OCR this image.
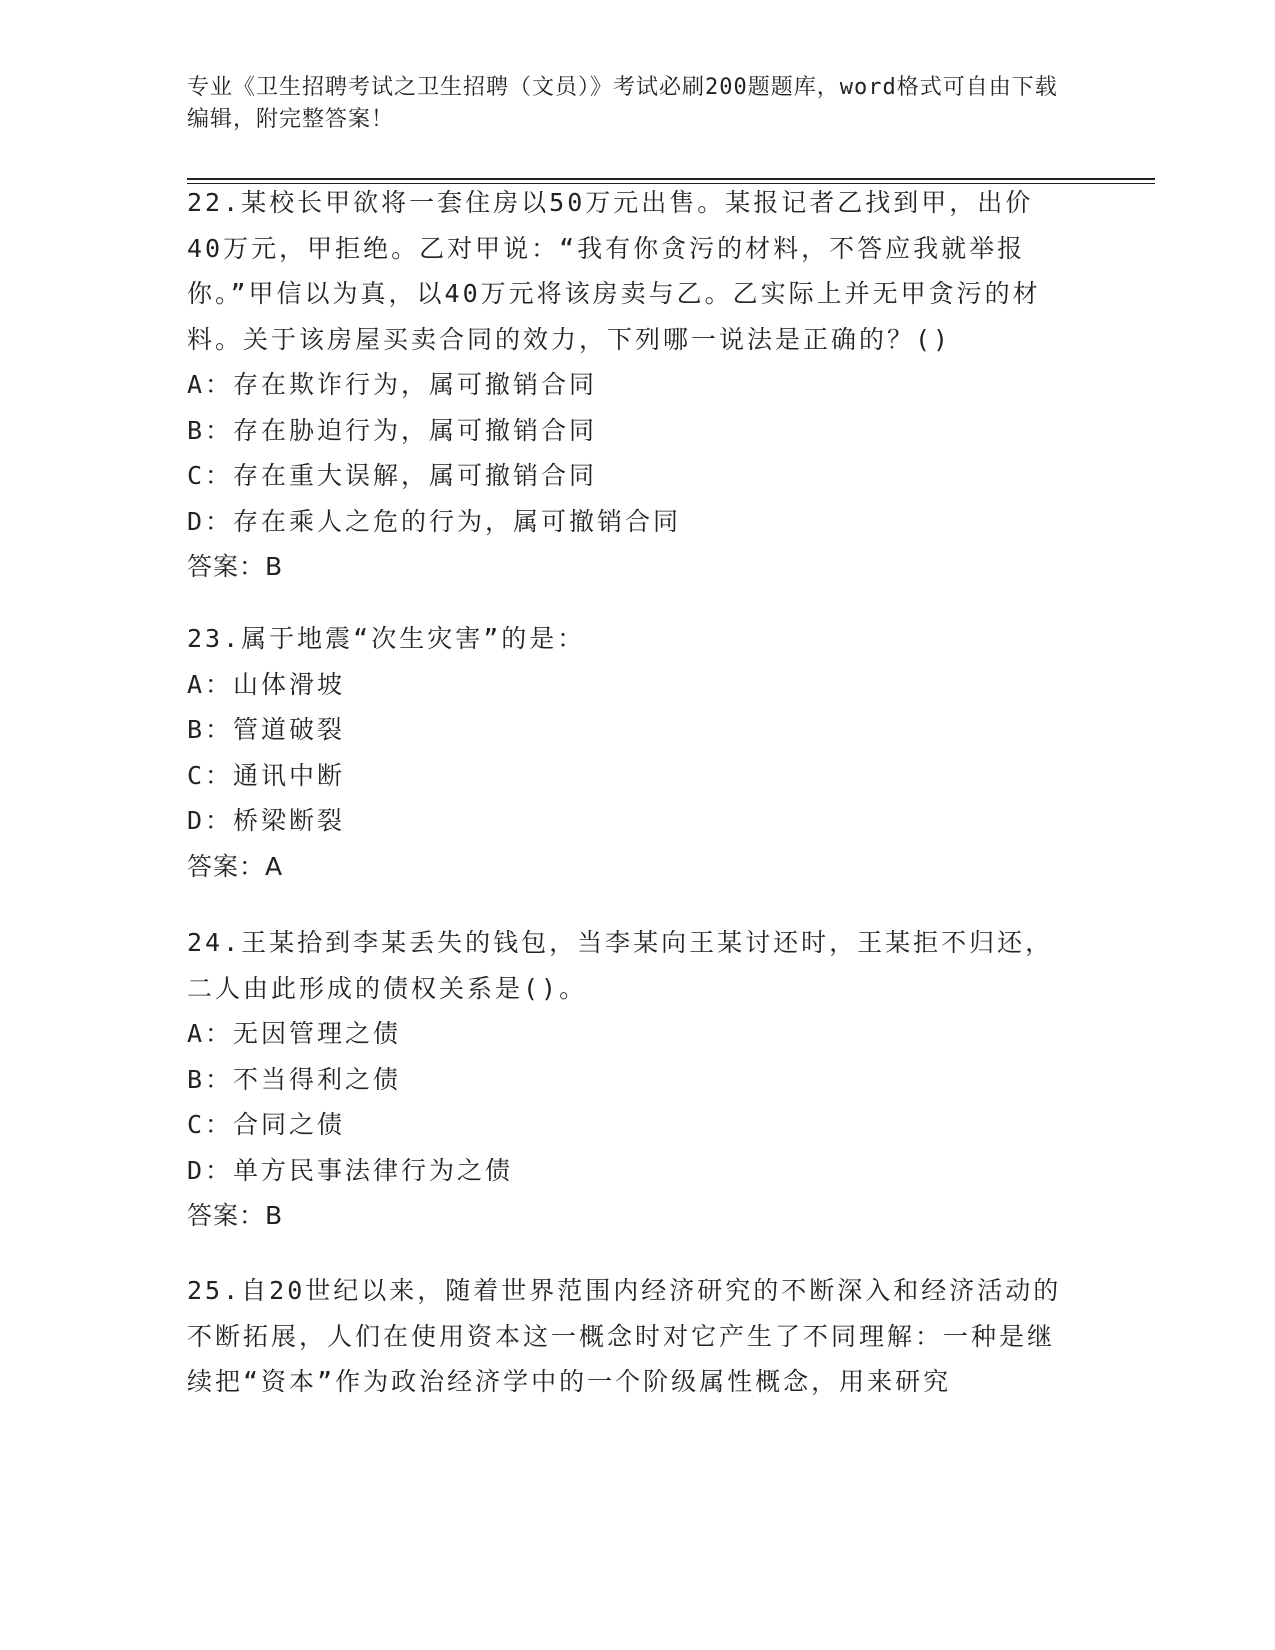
专业《卫生招聘考试之卫生招聘（文员）》考试必刷200题题库，word格式可自由下载编辑，附完整答案！

22.某校长甲欲将一套住房以50万元出售。某报记者乙找到甲，出价40万元，甲拒绝。乙对甲说：“我有你贪污的材料，不答应我就举报你。”甲信以为真，以40万元将该房卖与乙。乙实际上并无甲贪污的材料。关于该房屋买卖合同的效力，下列哪一说法是正确的？()

A：存在欺诈行为，属可撤销合同

B：存在胁迫行为，属可撤销合同

C：存在重大误解，属可撤销合同

D：存在乘人之危的行为，属可撤销合同

答案：B

23.属于地震“次生灾害”的是：

A：山体滑坡

B：管道破裂

C：通讯中断

D：桥梁断裂

答案：A

24.王某拾到李某丢失的钱包，当李某向王某讨还时，王某拒不归还，二人由此形成的债权关系是()。

A：无因管理之债

B：不当得利之债

C：合同之债

D：单方民事法律行为之债

答案：B

25.自20世纪以来，随着世界范围内经济研究的不断深入和经济活动的不断拓展，人们在使用资本这一概念时对它产生了不同理解：一种是继续把“资本”作为政治经济学中的一个阶级属性概念，用来研究
